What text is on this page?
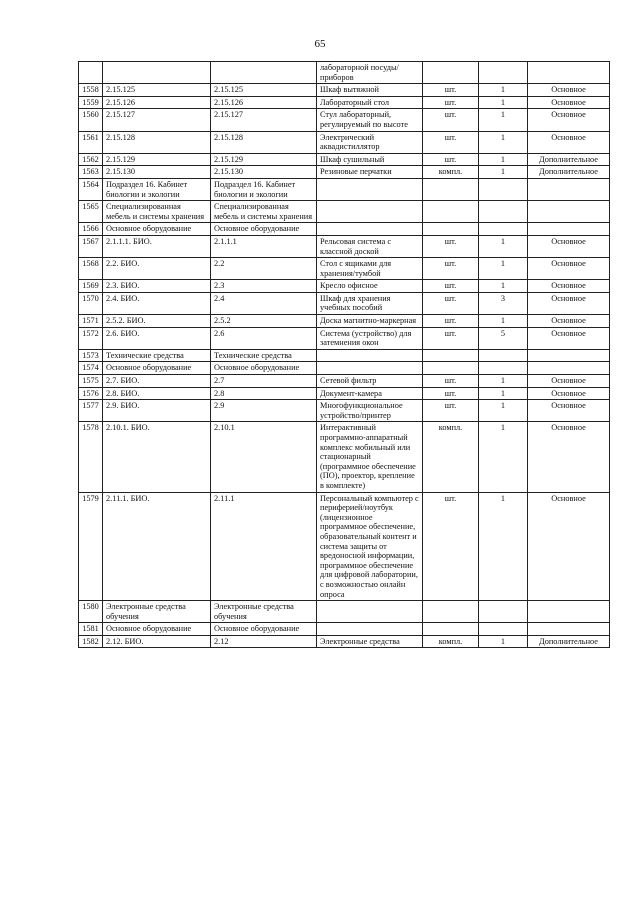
65
			лабораторной посуды/приборов			
1558	2.15.125	2.15.125	Шкаф вытяжной	шт.	1	Основное
1559	2.15.126	2.15.126	Лабораторный стол	шт.	1	Основное
1560	2.15.127	2.15.127	Стул лабораторный, регулируемый по высоте	шт.	1	Основное
1561	2.15.128	2.15.128	Электрический аквадистиллятор	шт.	1	Основное
1562	2.15.129	2.15.129	Шкаф сушильный	шт.	1	Дополнительное
1563	2.15.130	2.15.130	Резиновые перчатки	компл.	1	Дополнительное
1564	Подраздел 16. Кабинет биологии и экологии	Подраздел 16. Кабинет биологии и экологии				
1565	Специализированная мебель и системы хранения	Специализированная мебель и системы хранения				
1566	Основное оборудование	Основное оборудование				
1567	2.1.1.1. БИО.	2.1.1.1	Рельсовая система с классной доской	шт.	1	Основное
1568	2.2. БИО.	2.2	Стол с ящиками для хранения/тумбой	шт.	1	Основное
1569	2.3. БИО.	2.3	Кресло офисное	шт.	1	Основное
1570	2.4. БИО.	2.4	Шкаф для хранения учебных пособий	шт.	3	Основное
1571	2.5.2. БИО.	2.5.2	Доска магнитно-маркерная	шт.	1	Основное
1572	2.6. БИО.	2.6	Система (устройство) для затемнения окон	шт.	5	Основное
1573	Технические средства	Технические средства				
1574	Основное оборудование	Основное оборудование				
1575	2.7. БИО.	2.7	Сетевой фильтр	шт.	1	Основное
1576	2.8. БИО.	2.8	Документ-камера	шт.	1	Основное
1577	2.9. БИО.	2.9	Многофункциональное устройство/принтер	шт.	1	Основное
1578	2.10.1. БИО.	2.10.1	Интерактивный программно-аппаратный комплекс мобильный или стационарный (программное обеспечение (ПО), проектор, крепление в комплекте)	компл.	1	Основное
1579	2.11.1. БИО.	2.11.1	Персональный компьютер с периферией/ноутбук (лицензионное программное обеспечение, образовательный контент и система защиты от вредоносной информации, программное обеспечение для цифровой лаборатории, с возможностью онлайн опроса	шт.	1	Основное
1580	Электронные средства обучения	Электронные средства обучения				
1581	Основное оборудование	Основное оборудование				
1582	2.12. БИО.	2.12	Электронные средства	компл.	1	Дополнительное
